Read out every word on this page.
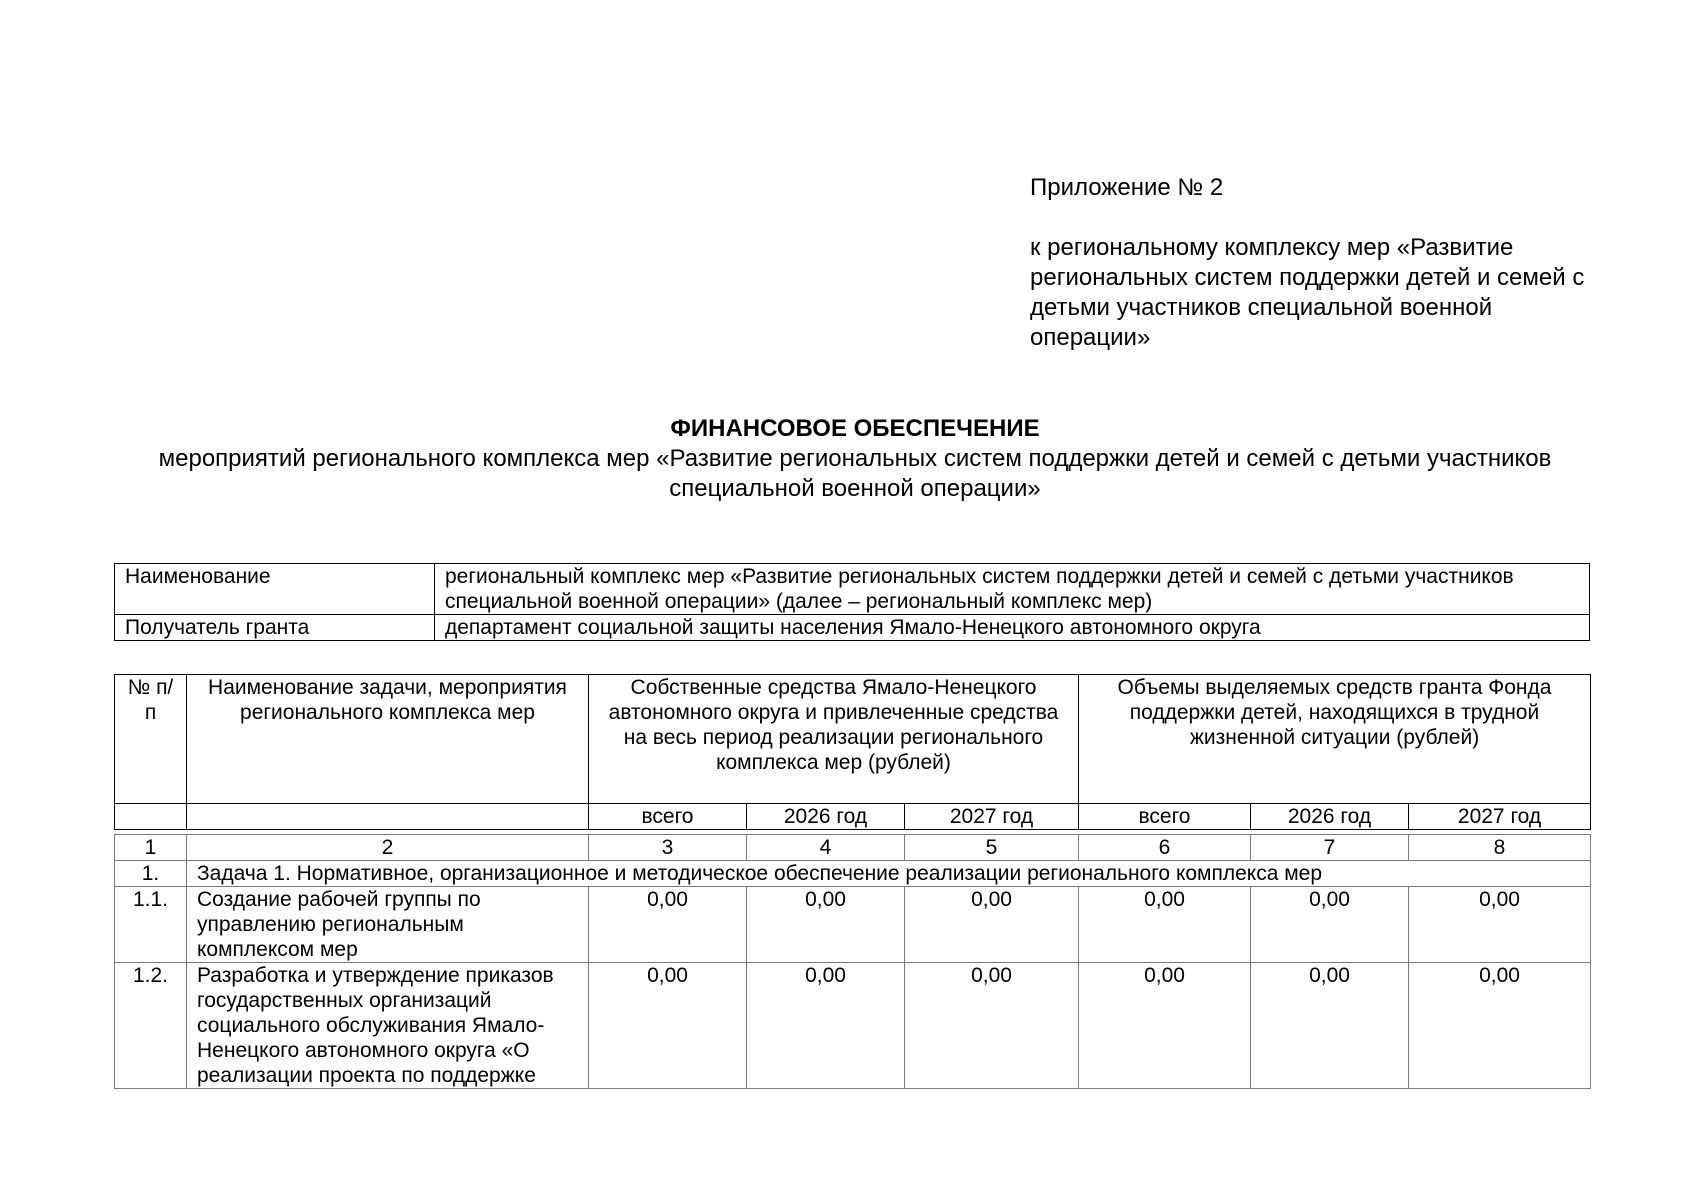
Приложение № 2
к региональному комплексу мер «Развитие региональных систем поддержки детей и семей с детьми участников специальной военной операции»
ФИНАНСОВОЕ ОБЕСПЕЧЕНИЕ
мероприятий регионального комплекса мер «Развитие региональных систем поддержки детей и семей с детьми участников специальной военной операции»
Наименование	региональный комплекс мер «Развитие региональных систем поддержки детей и семей с детьми участников специальной военной операции» (далее – региональный комплекс мер)
Получатель гранта	департамент социальной защиты населения Ямало-Ненецкого автономного округа
№ п/п	Наименование задачи, мероприятия регионального комплекса мер	Собственные средства Ямало-Ненецкого автономного округа и привлеченные средства на весь период реализации регионального комплекса мер (рублей)			Объемы выделяемых средств гранта Фонда поддержки детей, находящихся в трудной жизненной ситуации (рублей)		
		всего	2026 год	2027 год	всего	2026 год	2027 год

1	2	3	4	5	6	7	8
1.	Задача 1. Нормативное, организационное и методическое обеспечение реализации регионального комплекса мер						
1.1.	Создание рабочей группы по управлению региональным комплексом мер	0,00	0,00	0,00	0,00	0,00	0,00
1.2.	Разработка и утверждение приказов государственных организаций социального обслуживания Ямало-Ненецкого автономного округа «О реализации проекта по поддержке	0,00	0,00	0,00	0,00	0,00	0,00
